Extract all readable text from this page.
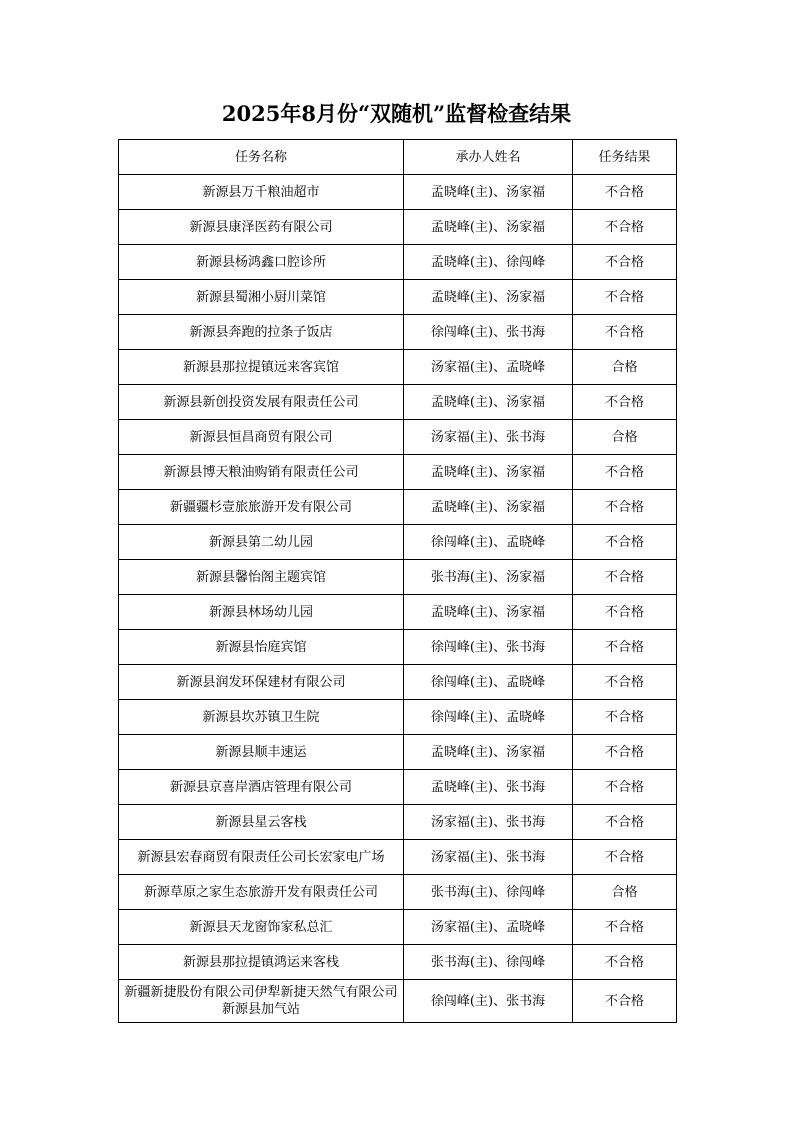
2025年8月份“双随机”监督检查结果
任务名称	承办人姓名	任务结果
新源县万千粮油超市	孟晓峰(主)、汤家福	不合格
新源县康泽医药有限公司	孟晓峰(主)、汤家福	不合格
新源县杨鸿鑫口腔诊所	孟晓峰(主)、徐闯峰	不合格
新源县蜀湘小厨川菜馆	孟晓峰(主)、汤家福	不合格
新源县奔跑的拉条子饭店	徐闯峰(主)、张书海	不合格
新源县那拉提镇远来客宾馆	汤家福(主)、孟晓峰	合格
新源县新创投资发展有限责任公司	孟晓峰(主)、汤家福	不合格
新源县恒昌商贸有限公司	汤家福(主)、张书海	合格
新源县博天粮油购销有限责任公司	孟晓峰(主)、汤家福	不合格
新疆疆杉壹旅旅游开发有限公司	孟晓峰(主)、汤家福	不合格
新源县第二幼儿园	徐闯峰(主)、孟晓峰	不合格
新源县馨怡阁主题宾馆	张书海(主)、汤家福	不合格
新源县林场幼儿园	孟晓峰(主)、汤家福	不合格
新源县怡庭宾馆	徐闯峰(主)、张书海	不合格
新源县润发环保建材有限公司	徐闯峰(主)、孟晓峰	不合格
新源县坎苏镇卫生院	徐闯峰(主)、孟晓峰	不合格
新源县顺丰速运	孟晓峰(主)、汤家福	不合格
新源县京喜岸酒店管理有限公司	孟晓峰(主)、张书海	不合格
新源县星云客栈	汤家福(主)、张书海	不合格
新源县宏春商贸有限责任公司长宏家电广场	汤家福(主)、张书海	不合格
新源草原之家生态旅游开发有限责任公司	张书海(主)、徐闯峰	合格
新源县天龙窗饰家私总汇	汤家福(主)、孟晓峰	不合格
新源县那拉提镇鸿运来客栈	张书海(主)、徐闯峰	不合格
新疆新捷股份有限公司伊犁新捷天然气有限公司新源县加气站	徐闯峰(主)、张书海	不合格
